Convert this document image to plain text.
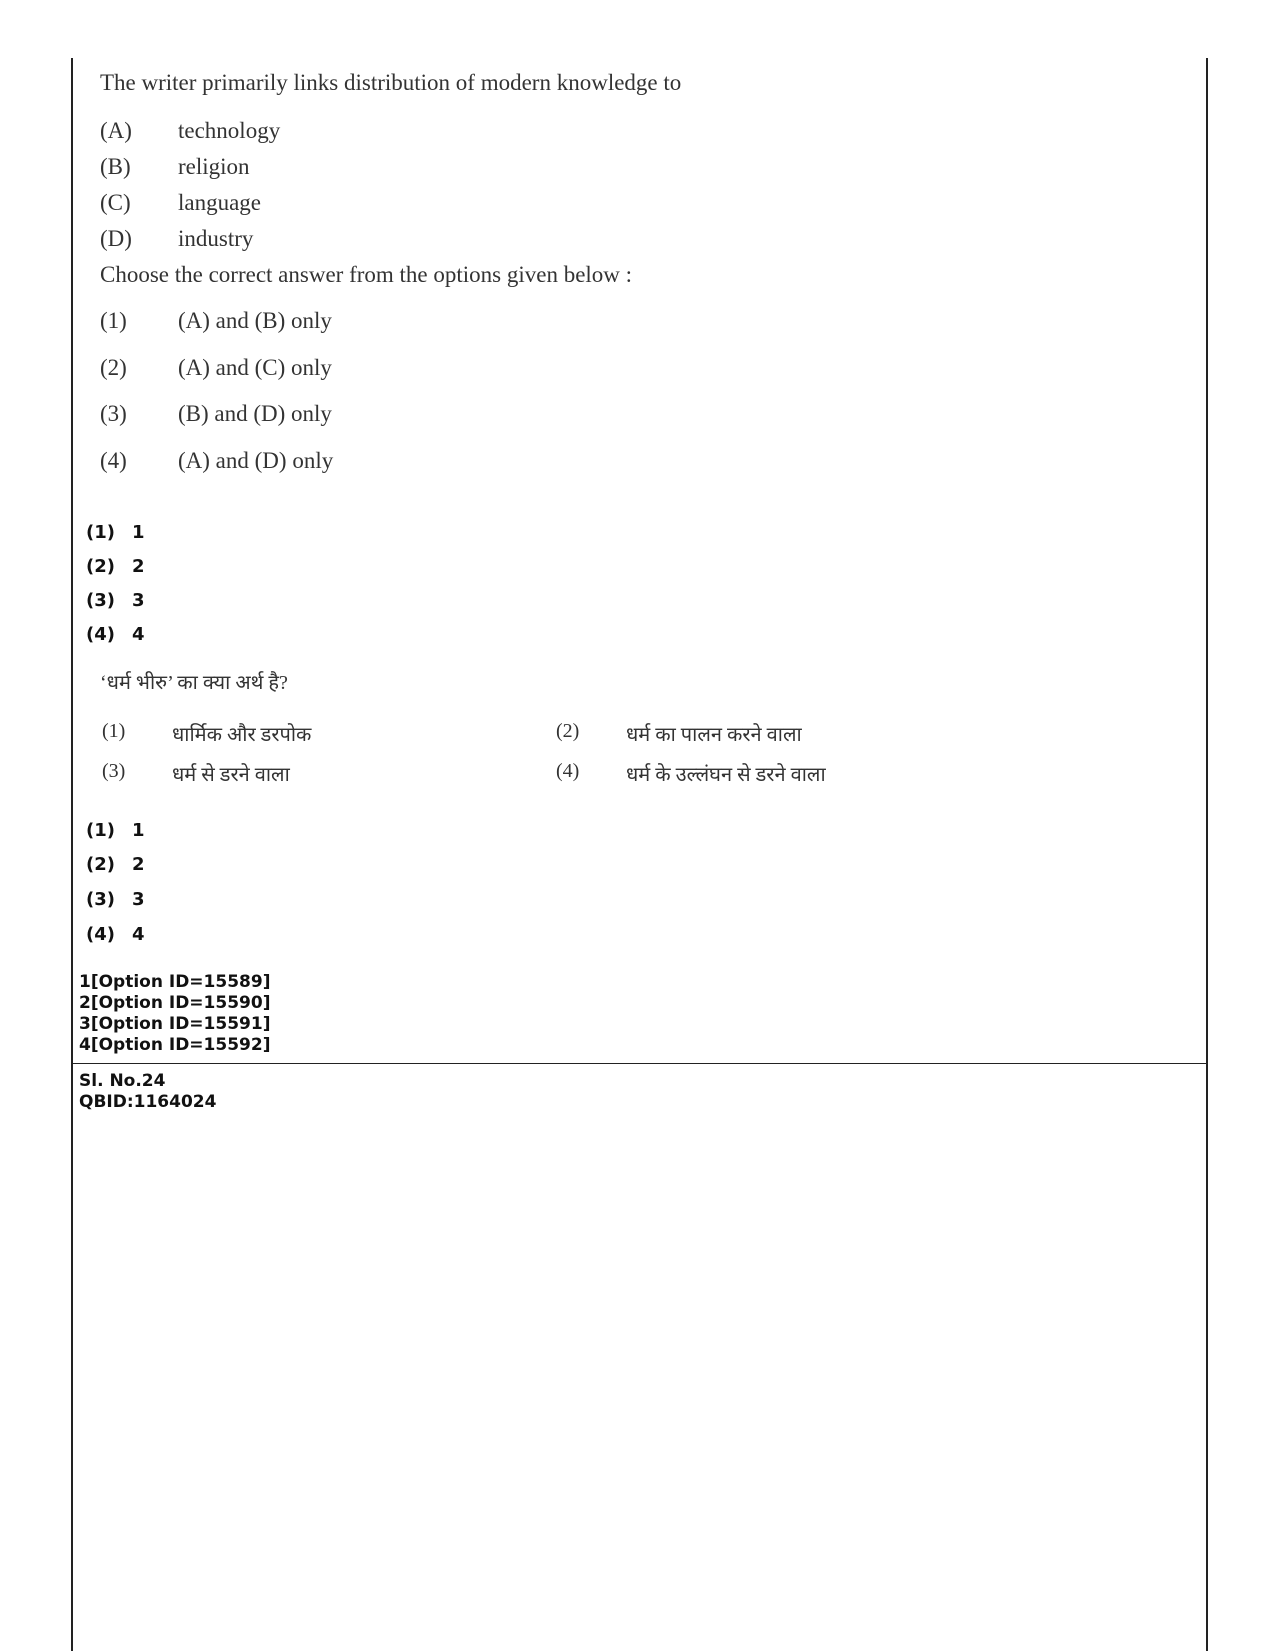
The writer primarily links distribution of modern knowledge to
(A) technology
(B) religion
(C) language
(D) industry
Choose the correct answer from the options given below :
(1) (A) and (B) only
(2) (A) and (C) only
(3) (B) and (D) only
(4) (A) and (D) only
(1) 1
(2) 2
(3) 3
(4) 4
‘धर्म भीरु’ का क्या अर्थ है?
(1) धार्मिक और डरपोक	(2) धर्म का पालन करने वाला
(3) धर्म से डरने वाला	(4) धर्म के उल्लंघन से डरने वाला
(1) 1
(2) 2
(3) 3
(4) 4
1[Option ID=15589]
2[Option ID=15590]
3[Option ID=15591]
4[Option ID=15592]
Sl. No.24
QBID:1164024
